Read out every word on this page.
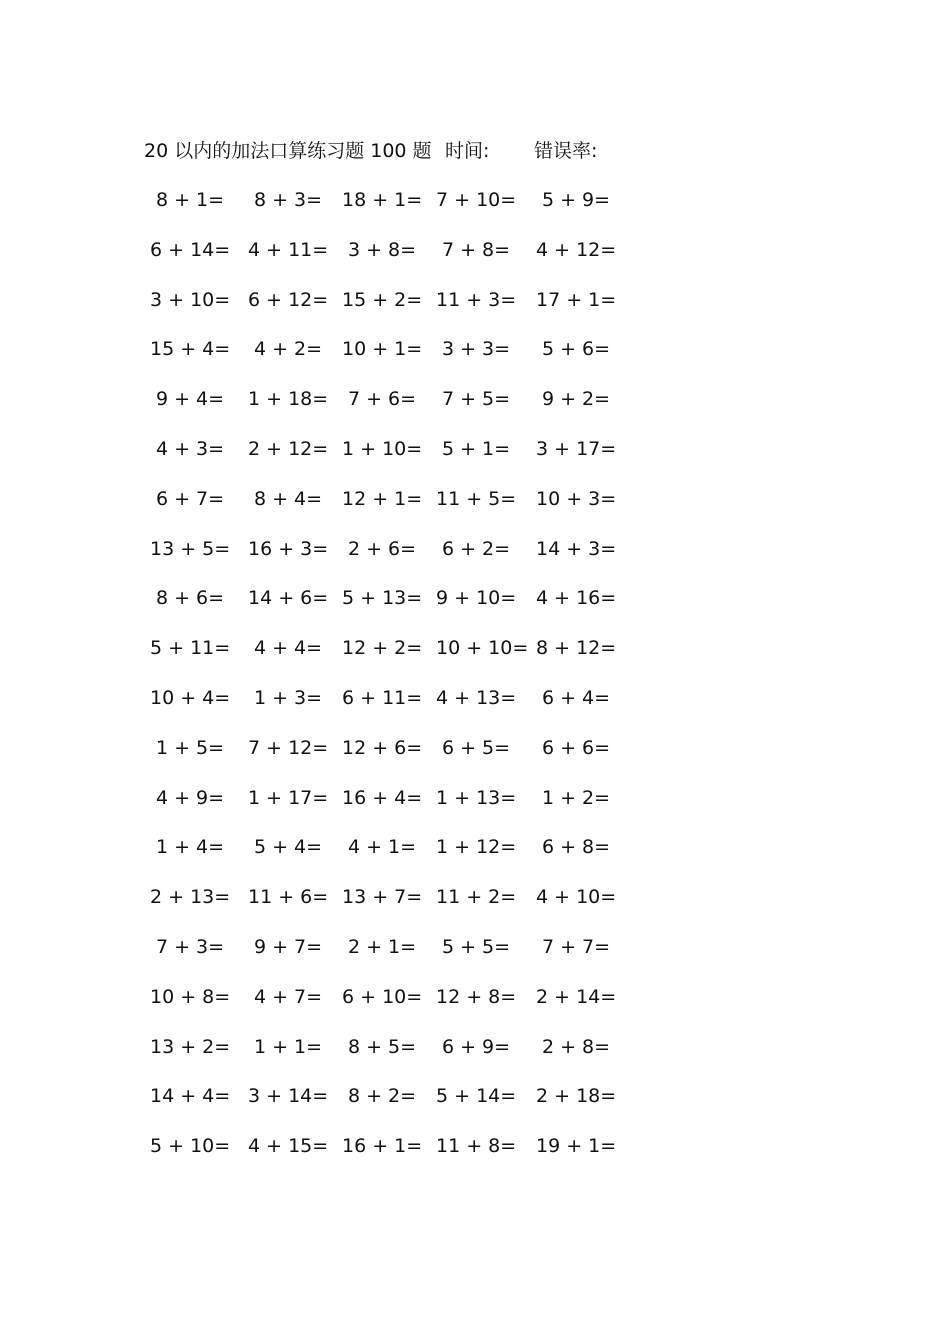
20 以内的加法口算练习题 100 题 时间: 错误率:
8 + 1=	8 + 3=	18 + 1= 7 + 10=	5 + 9=
6 + 14= 4 + 11=	3 + 8=	7 + 8=	4 + 12=
3 + 10= 6 + 12= 15 + 2= 11 + 3= 17 + 1=
15 + 4=	4 + 2=	10 + 1=	3 + 3=	5 + 6=
9 + 4=	1 + 18=	7 + 6=	7 + 5=	9 + 2=
4 + 3=	2 + 12= 1 + 10=	5 + 1=	3 + 17=
6 + 7=	8 + 4=	12 + 1= 11 + 5= 10 + 3=
13 + 5= 16 + 3=	2 + 6=	6 + 2=	14 + 3=
8 + 6=	14 + 6= 5 + 13= 9 + 10= 4 + 16=
5 + 11=	4 + 4=	12 + 2= 10 + 10= 8 + 12=
10 + 4=	1 + 3=	6 + 11= 4 + 13=	6 + 4=
1 + 5=	7 + 12= 12 + 6=	6 + 5=	6 + 6=
4 + 9=	1 + 17= 16 + 4= 1 + 13=	1 + 2=
1 + 4=	5 + 4=	4 + 1=	1 + 12=	6 + 8=
2 + 13= 11 + 6= 13 + 7= 11 + 2= 4 + 10=
7 + 3=	9 + 7=	2 + 1=	5 + 5=	7 + 7=
10 + 8=	4 + 7=	6 + 10= 12 + 8= 2 + 14=
13 + 2=	1 + 1=	8 + 5=	6 + 9=	2 + 8=
14 + 4= 3 + 14=	8 + 2=	5 + 14= 2 + 18=
5 + 10= 4 + 15= 16 + 1= 11 + 8= 19 + 1=
